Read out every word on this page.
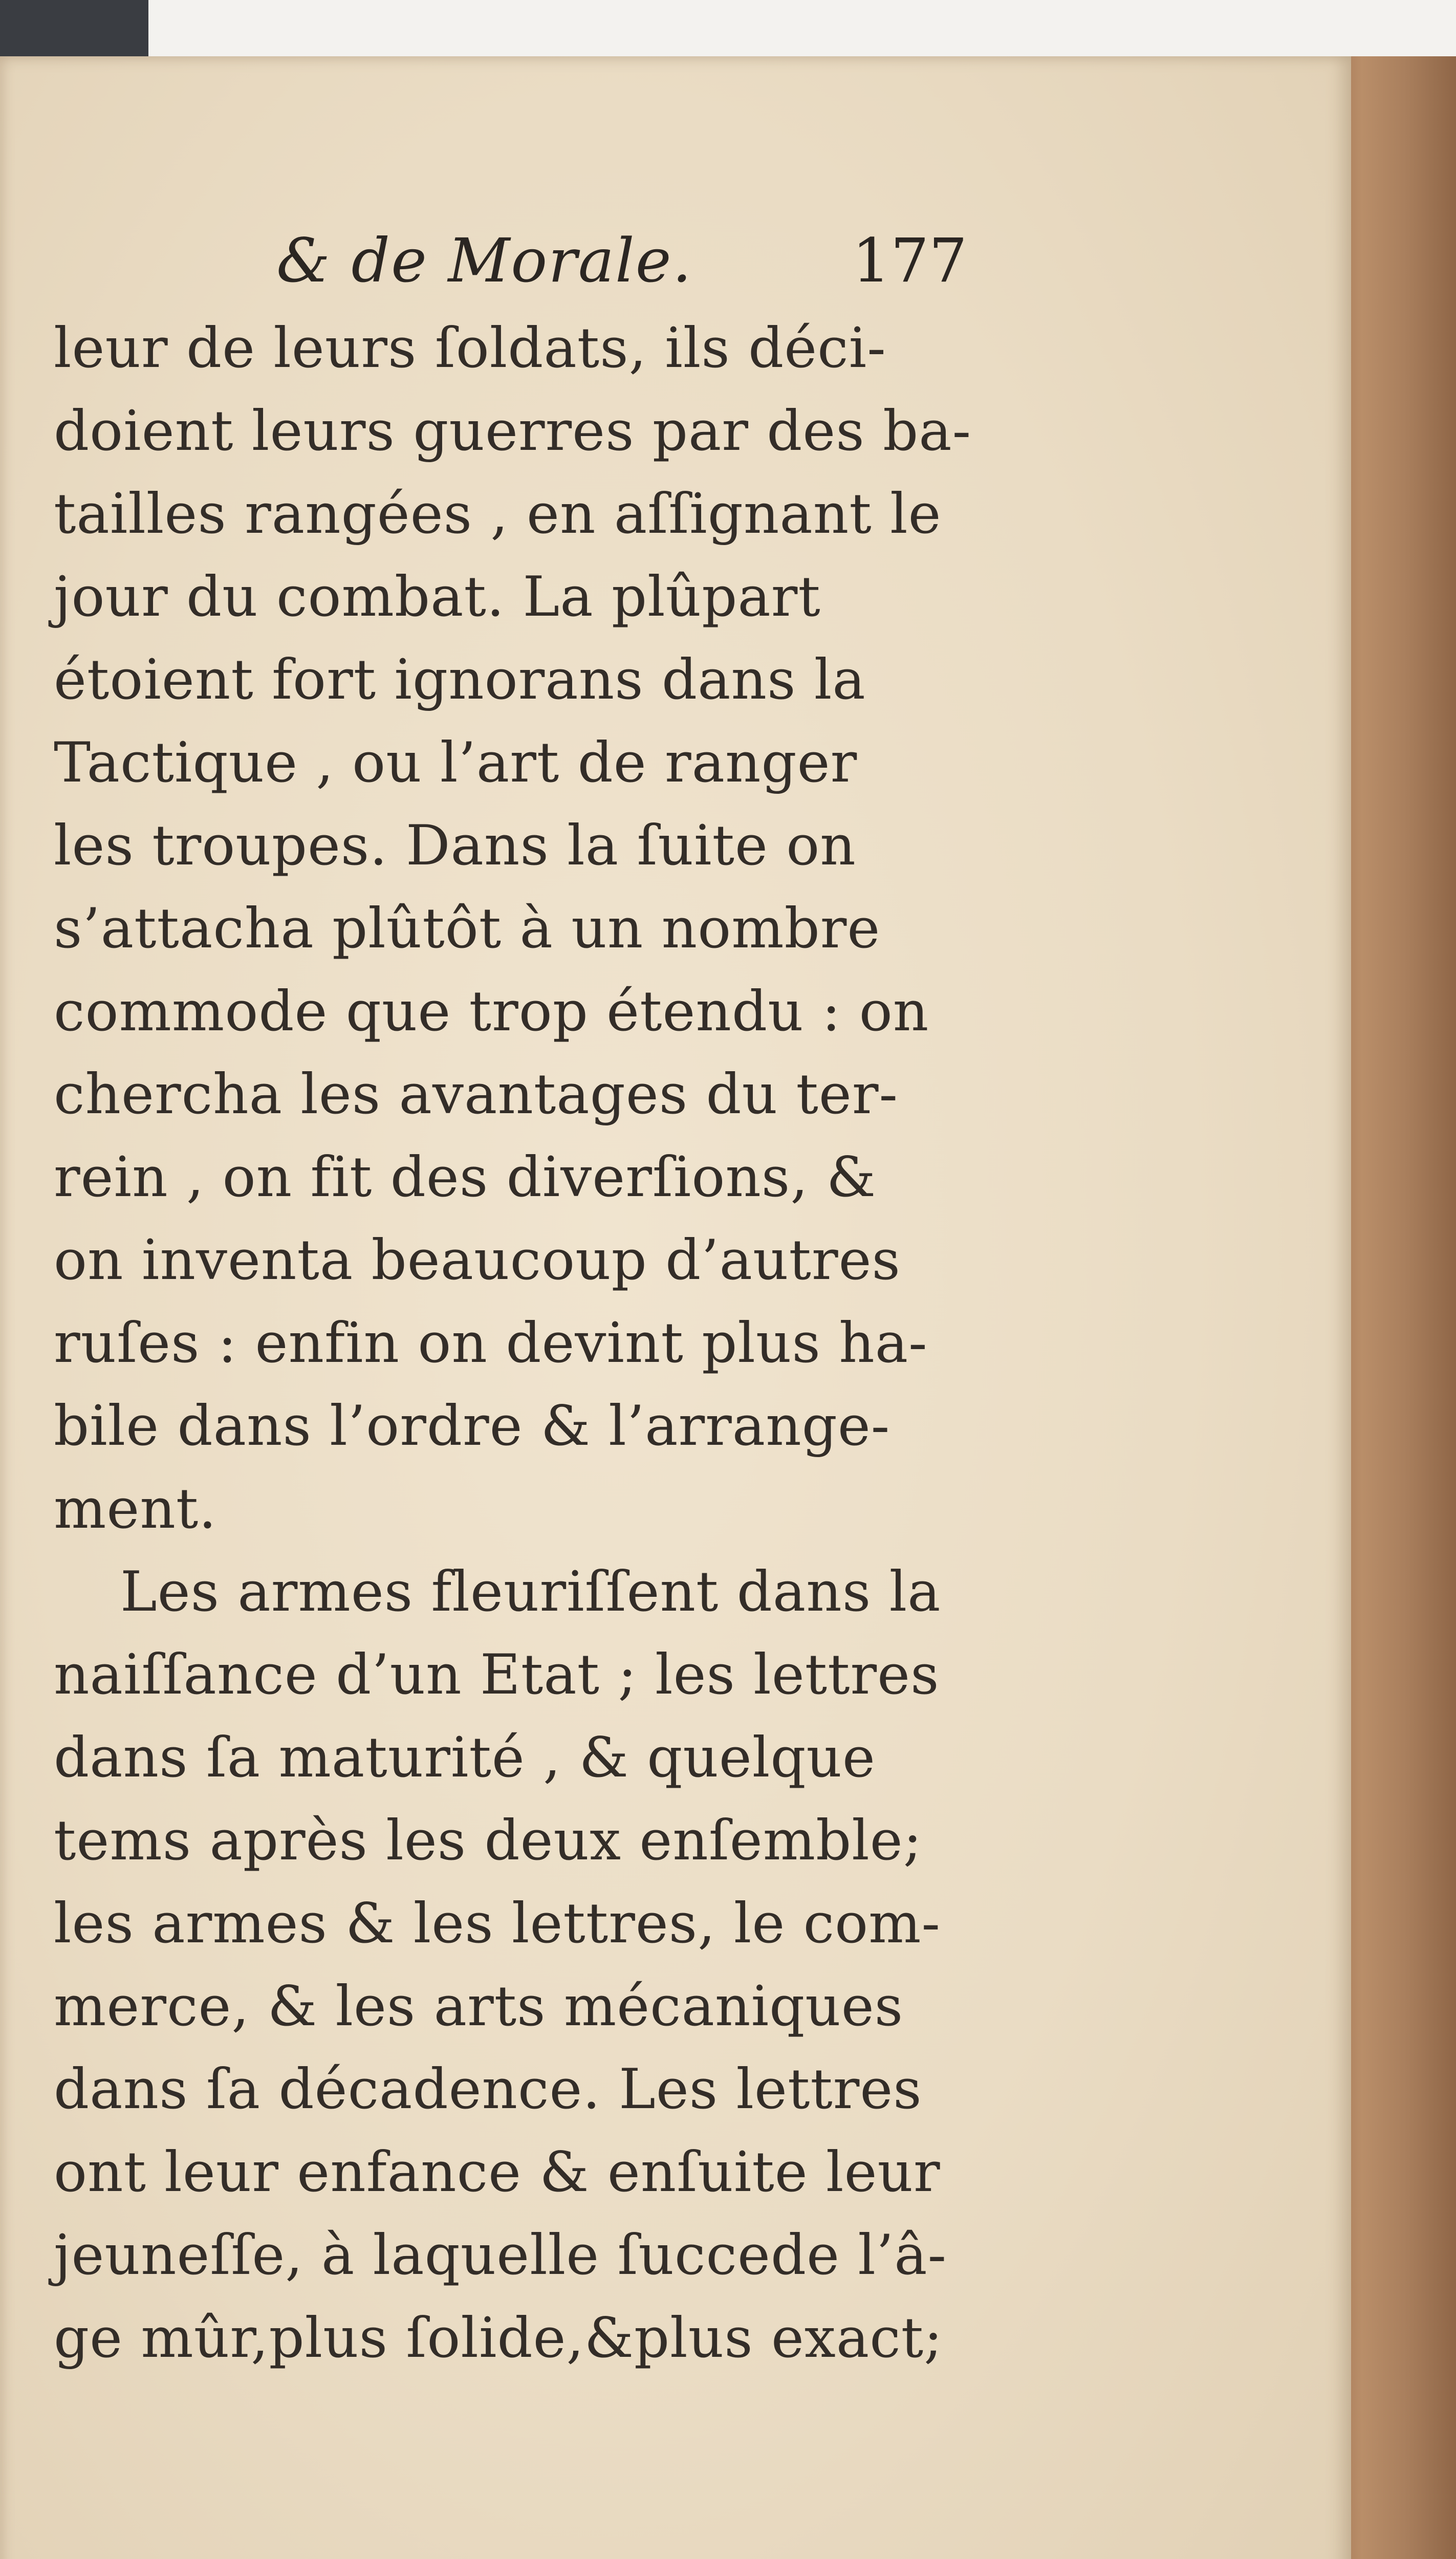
& de Morale.	177
leur de leurs ſoldats, ils déci-
doient leurs guerres par des ba-
tailles rangées , en aſſignant le
jour du combat. La plûpart
étoient fort ignorans dans la
Tactique , ou l’art de ranger
les troupes. Dans la ſuite on
s’attacha plûtôt à un nombre
commode que trop étendu : on
chercha les avantages du ter-
rein , on fit des diverſions, &
on inventa beaucoup d’autres
ruſes : enfin on devint plus ha-
bile dans l’ordre & l’arrange-
ment.
Les armes fleuriſſent dans la
naiſſance d’un Etat ; les lettres
dans ſa maturité , & quelque
tems après les deux enſemble;
les armes & les lettres, le com-
merce, & les arts mécaniques
dans ſa décadence. Les lettres
ont leur enfance & enſuite leur
jeuneſſe, à laquelle ſuccede l’â-
ge mûr,plus ſolide,&plus exact;
